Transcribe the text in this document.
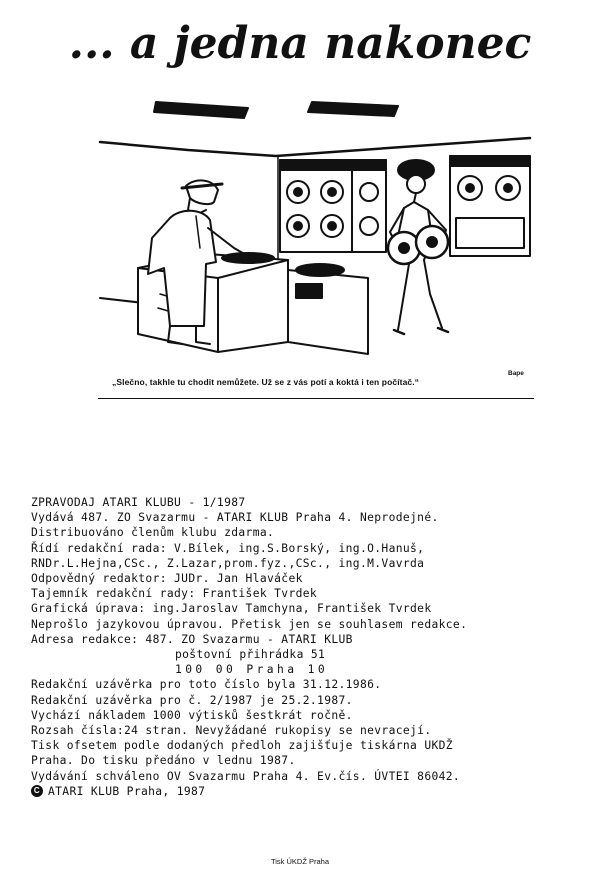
... a jedna nakonec
„Slečno, takhle tu chodit nemůžete. Už se z vás potí a koktá i ten počítač.“
Bape
ZPRAVODAJ ATARI KLUBU - 1/1987
Vydává 487. ZO Svazarmu - ATARI KLUB Praha 4. Neprodejné.
Distribuováno členům klubu zdarma.
Řídí redakční rada: V.Bílek, ing.S.Borský, ing.O.Hanuš,
RNDr.L.Hejna,CSc., Z.Lazar,prom.fyz.,CSc., ing.M.Vavrda
Odpovědný redaktor: JUDr. Jan Hlaváček
Tajemník redakční rady: František Tvrdek
Grafická úprava: ing.Jaroslav Tamchyna, František Tvrdek
Neprošlo jazykovou úpravou. Přetisk jen se souhlasem redakce.
Adresa redakce: 487. ZO Svazarmu - ATARI KLUB
poštovní přihrádka 51
100 00 Praha 10
Redakční uzávěrka pro toto číslo byla 31.12.1986.
Redakční uzávěrka pro č. 2/1987 je 25.2.1987.
Vychází nákladem 1000 výtisků šestkrát ročně.
Rozsah čísla:24 stran. Nevyžádané rukopisy se nevracejí.
Tisk ofsetem podle dodaných předloh zajišťuje tiskárna UKDŽ
Praha. Do tisku předáno v lednu 1987.
Vydávání schváleno OV Svazarmu Praha 4. Ev.čís. ÚVTEI 86042.
C ATARI KLUB Praha, 1987
Tisk ÚKDŽ Praha
